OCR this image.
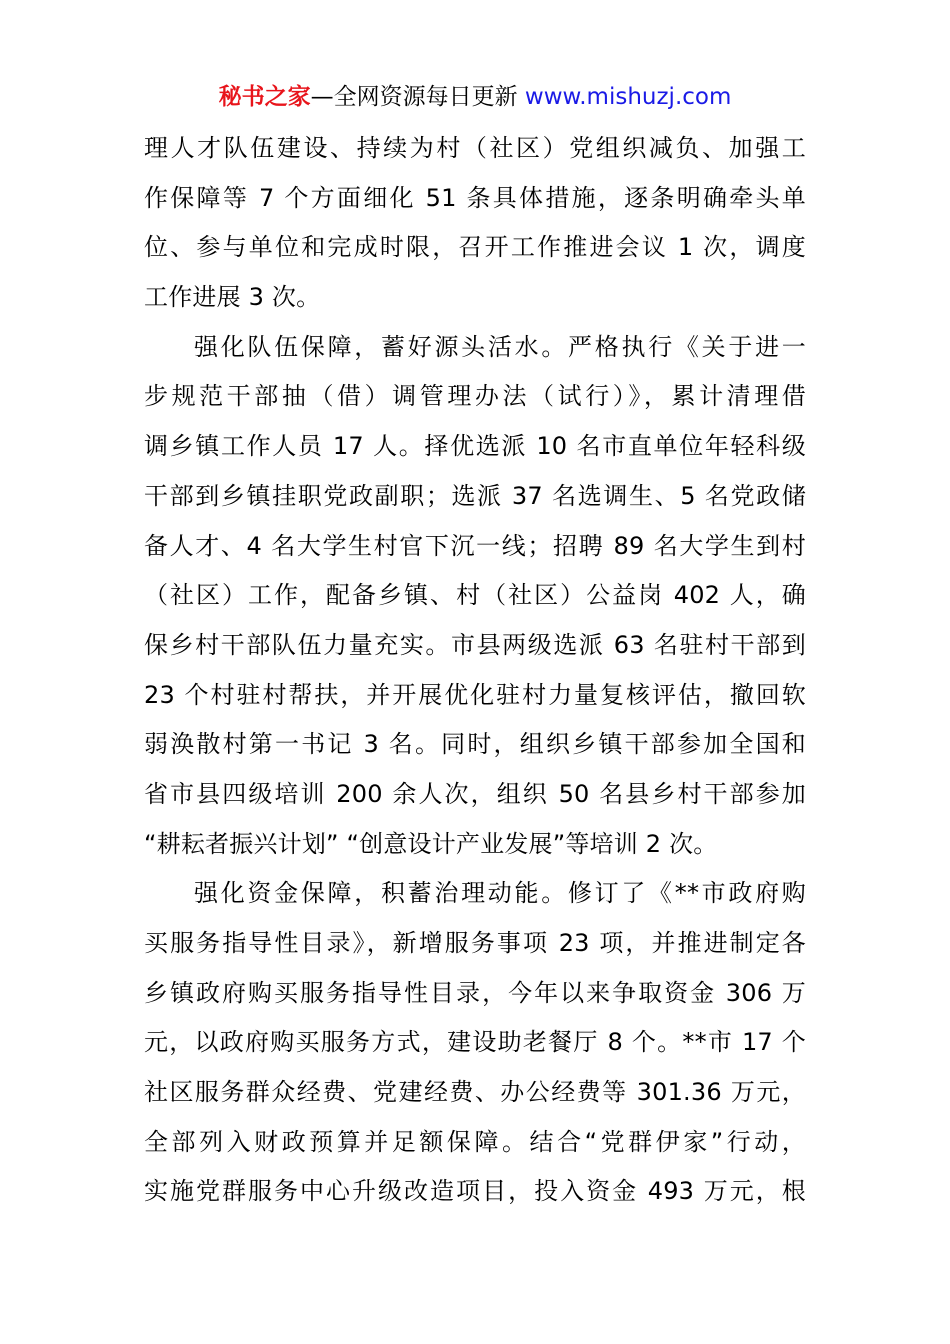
秘书之家—全网资源每日更新 www.mishuzj.com
理人才队伍建设、持续为村（社区）党组织减负、加强工
作保障等 7 个方面细化 51 条具体措施，逐条明确牵头单
位、参与单位和完成时限，召开工作推进会议 1 次，调度
工作进展 3 次。
强化队伍保障，蓄好源头活水。严格执行《关于进一
步规范干部抽（借）调管理办法（试行）》，累计清理借
调乡镇工作人员 17 人。择优选派 10 名市直单位年轻科级
干部到乡镇挂职党政副职；选派 37 名选调生、5 名党政储
备人才、4 名大学生村官下沉一线；招聘 89 名大学生到村
（社区）工作，配备乡镇、村（社区）公益岗 402 人，确
保乡村干部队伍力量充实。市县两级选派 63 名驻村干部到
23 个村驻村帮扶，并开展优化驻村力量复核评估，撤回软
弱涣散村第一书记 3 名。同时，组织乡镇干部参加全国和
省市县四级培训 200 余人次，组织 50 名县乡村干部参加
“耕耘者振兴计划” “创意设计产业发展”等培训 2 次。
强化资金保障，积蓄治理动能。修订了《**市政府购
买服务指导性目录》，新增服务事项 23 项，并推进制定各
乡镇政府购买服务指导性目录，今年以来争取资金 306 万
元，以政府购买服务方式，建设助老餐厅 8 个。**市 17 个
社区服务群众经费、党建经费、办公经费等 301.36 万元，
全部列入财政预算并足额保障。结合“党群伊家”行动，
实施党群服务中心升级改造项目，投入资金 493 万元，根
